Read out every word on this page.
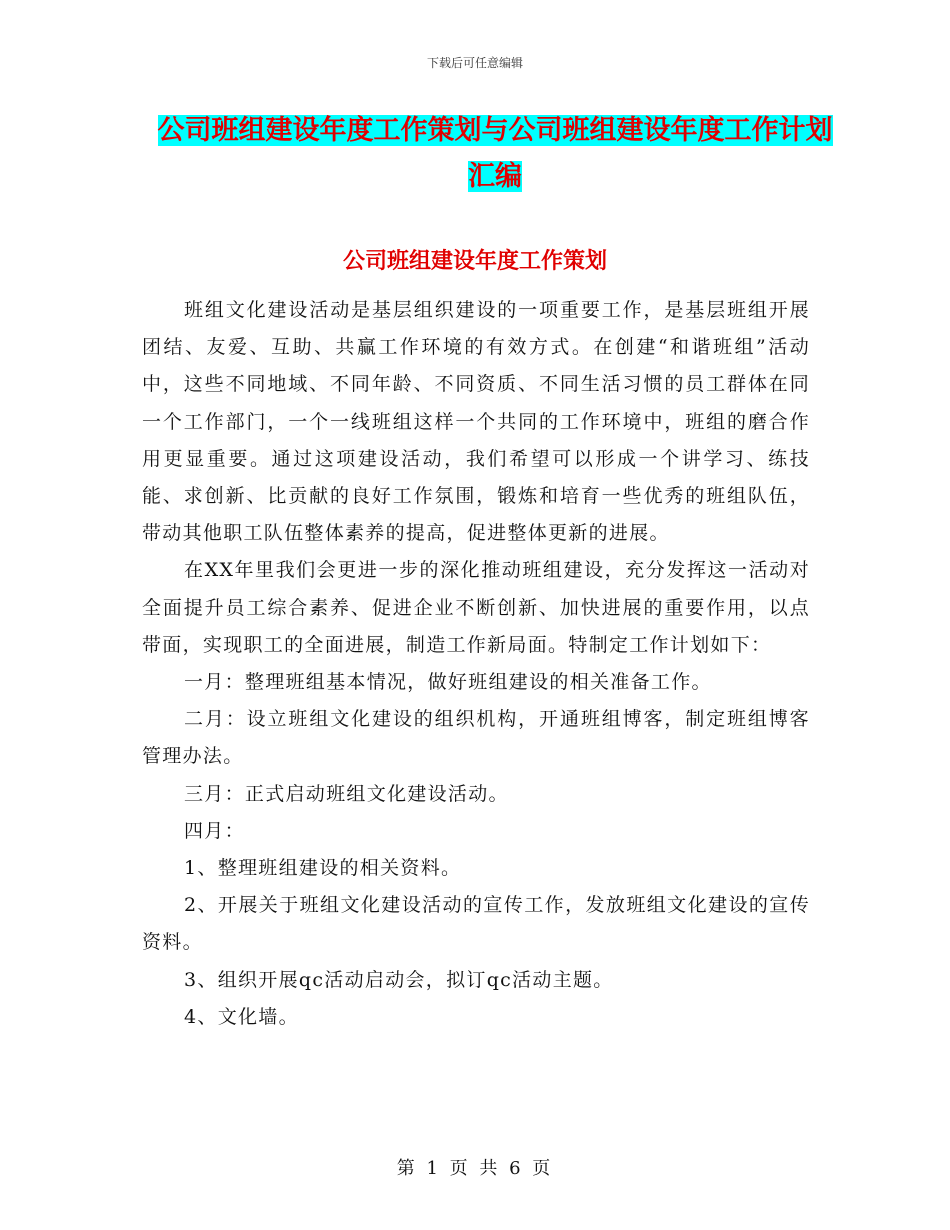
下载后可任意编辑
公司班组建设年度工作策划与公司班组建设年度工作计划汇编
公司班组建设年度工作策划

班组文化建设活动是基层组织建设的一项重要工作，是基层班组开展团结、友爱、互助、共赢工作环境的有效方式。在创建“和谐班组”活动中，这些不同地域、不同年龄、不同资质、不同生活习惯的员工群体在同一个工作部门，一个一线班组这样一个共同的工作环境中，班组的磨合作用更显重要。通过这项建设活动，我们希望可以形成一个讲学习、练技能、求创新、比贡献的良好工作氛围，锻炼和培育一些优秀的班组队伍，带动其他职工队伍整体素养的提高，促进整体更新的进展。

在XX年里我们会更进一步的深化推动班组建设，充分发挥这一活动对全面提升员工综合素养、促进企业不断创新、加快进展的重要作用，以点带面，实现职工的全面进展，制造工作新局面。特制定工作计划如下：

一月：整理班组基本情况，做好班组建设的相关准备工作。

二月：设立班组文化建设的组织机构，开通班组博客，制定班组博客管理办法。

三月：正式启动班组文化建设活动。

四月：

1、整理班组建设的相关资料。

2、开展关于班组文化建设活动的宣传工作，发放班组文化建设的宣传资料。

3、组织开展qc活动启动会，拟订qc活动主题。

4、文化墙。

第 1 页 共 6 页
